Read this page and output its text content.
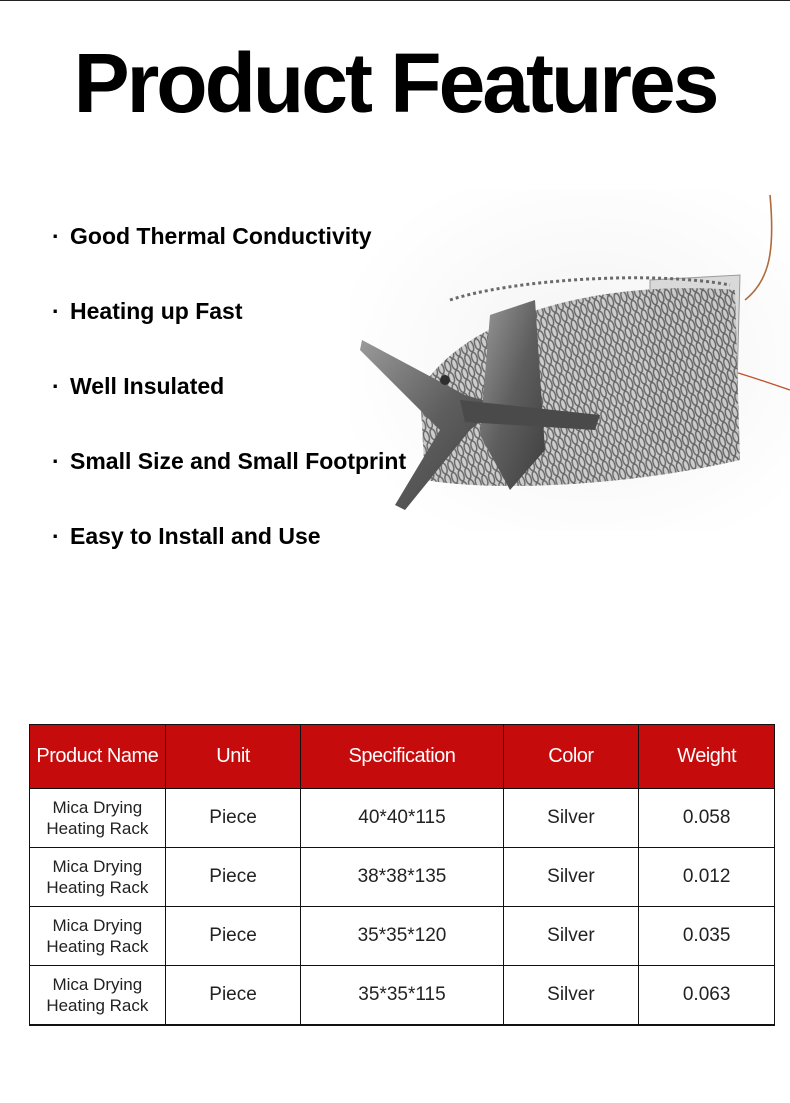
Product Features
· Good Thermal Conductivity
· Heating up Fast
· Well Insulated
· Small Size and Small Footprint
· Easy to Install and Use
Product Name	Unit	Specification	Color	Weight
Mica Drying
Heating Rack	Piece	40*40*115	Silver	0.058
Mica Drying
Heating Rack	Piece	38*38*135	Silver	0.012
Mica Drying
Heating Rack	Piece	35*35*120	Silver	0.035
Mica Drying
Heating Rack	Piece	35*35*115	Silver	0.063
